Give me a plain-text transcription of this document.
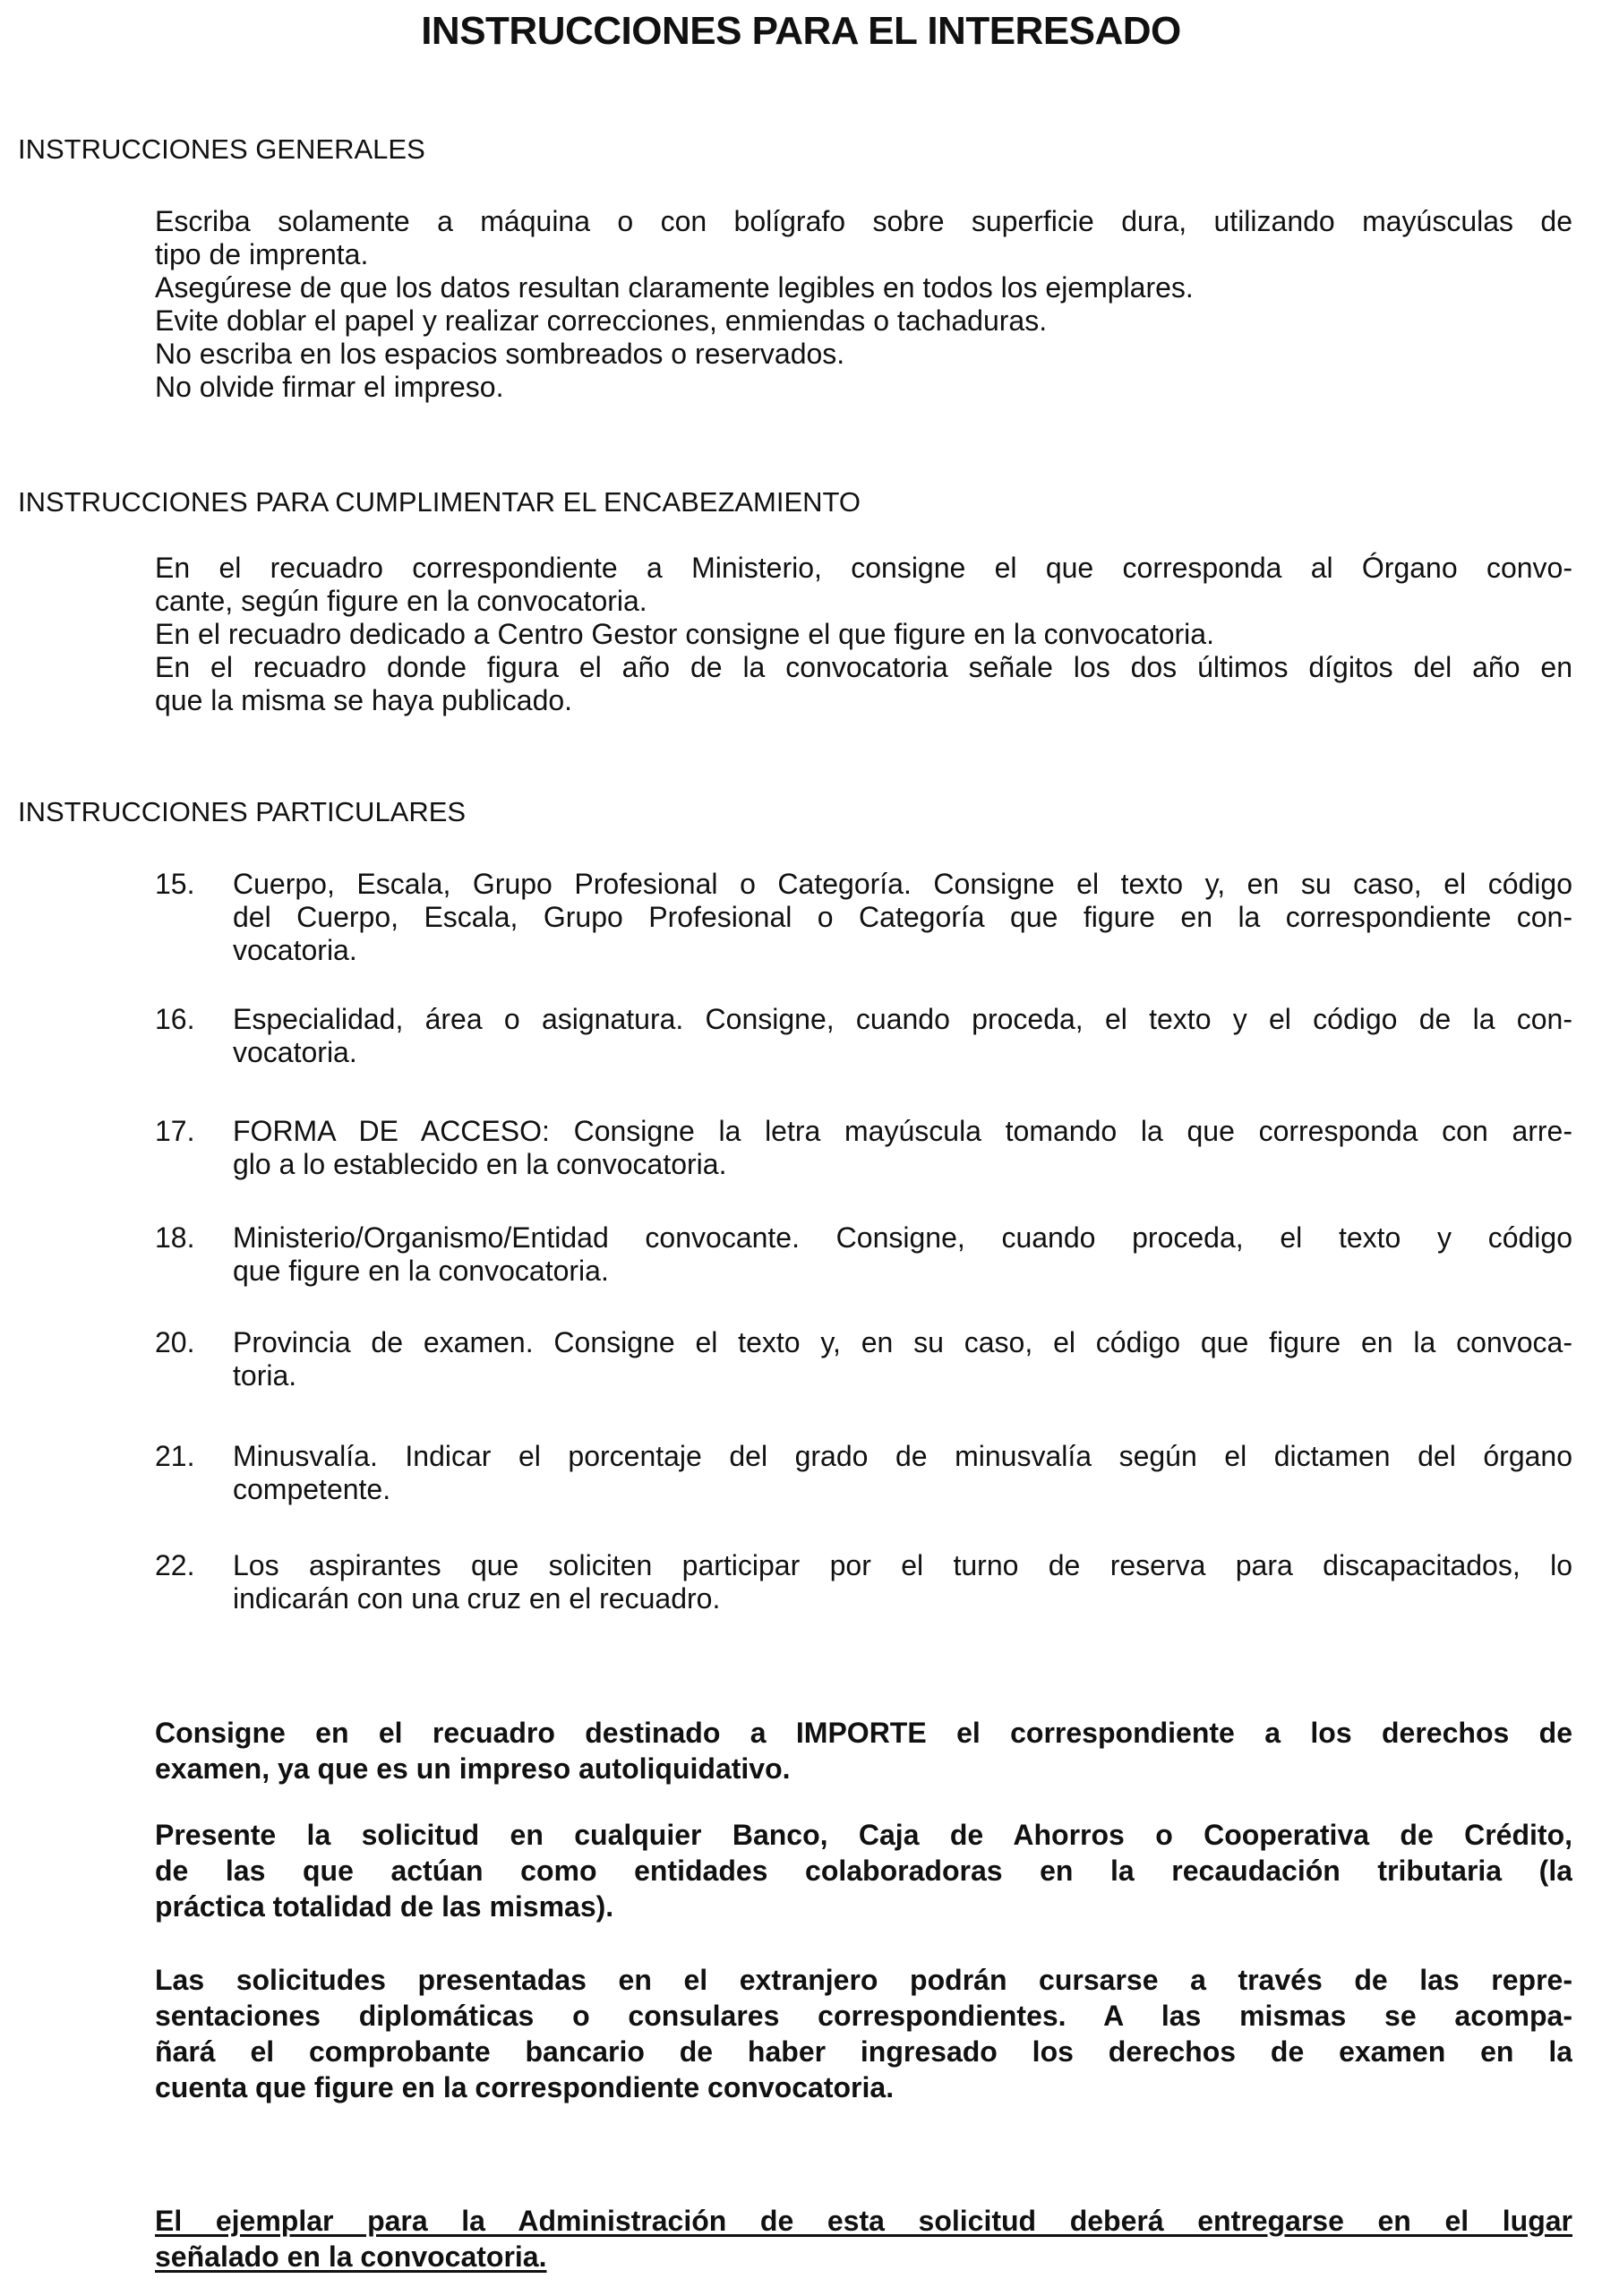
INSTRUCCIONES PARA EL INTERESADO
INSTRUCCIONES GENERALES
Escriba solamente a máquina o con bolígrafo sobre superficie dura, utilizando mayúsculas de
tipo de imprenta.
Asegúrese de que los datos resultan claramente legibles en todos los ejemplares.
Evite doblar el papel y realizar correcciones, enmiendas o tachaduras.
No escriba en los espacios sombreados o reservados.
No olvide firmar el impreso.
INSTRUCCIONES PARA CUMPLIMENTAR EL ENCABEZAMIENTO
En el recuadro correspondiente a Ministerio, consigne el que corresponda al Órgano convo-
cante, según figure en la convocatoria.
En el recuadro dedicado a Centro Gestor consigne el que figure en la convocatoria.
En el recuadro donde figura el año de la convocatoria señale los dos últimos dígitos del año en
que la misma se haya publicado.
INSTRUCCIONES PARTICULARES
15. Cuerpo, Escala, Grupo Profesional o Categoría. Consigne el texto y, en su caso, el código
del Cuerpo, Escala, Grupo Profesional o Categoría que figure en la correspondiente con-
vocatoria.
16. Especialidad, área o asignatura. Consigne, cuando proceda, el texto y el código de la con-
vocatoria.
17. FORMA DE ACCESO: Consigne la letra mayúscula tomando la que corresponda con arre-
glo a lo establecido en la convocatoria.
18. Ministerio/Organismo/Entidad convocante. Consigne, cuando proceda, el texto y código
que figure en la convocatoria.
20. Provincia de examen. Consigne el texto y, en su caso, el código que figure en la convoca-
toria.
21. Minusvalía. Indicar el porcentaje del grado de minusvalía según el dictamen del órgano
competente.
22. Los aspirantes que soliciten participar por el turno de reserva para discapacitados, lo
indicarán con una cruz en el recuadro.
Consigne en el recuadro destinado a IMPORTE el correspondiente a los derechos de
examen, ya que es un impreso autoliquidativo.
Presente la solicitud en cualquier Banco, Caja de Ahorros o Cooperativa de Crédito,
de las que actúan como entidades colaboradoras en la recaudación tributaria (la
práctica totalidad de las mismas).
Las solicitudes presentadas en el extranjero podrán cursarse a través de las repre-
sentaciones diplomáticas o consulares correspondientes. A las mismas se acompa-
ñará el comprobante bancario de haber ingresado los derechos de examen en la
cuenta que figure en la correspondiente convocatoria.
El ejemplar para la Administración de esta solicitud deberá entregarse en el lugar
señalado en la convocatoria.
